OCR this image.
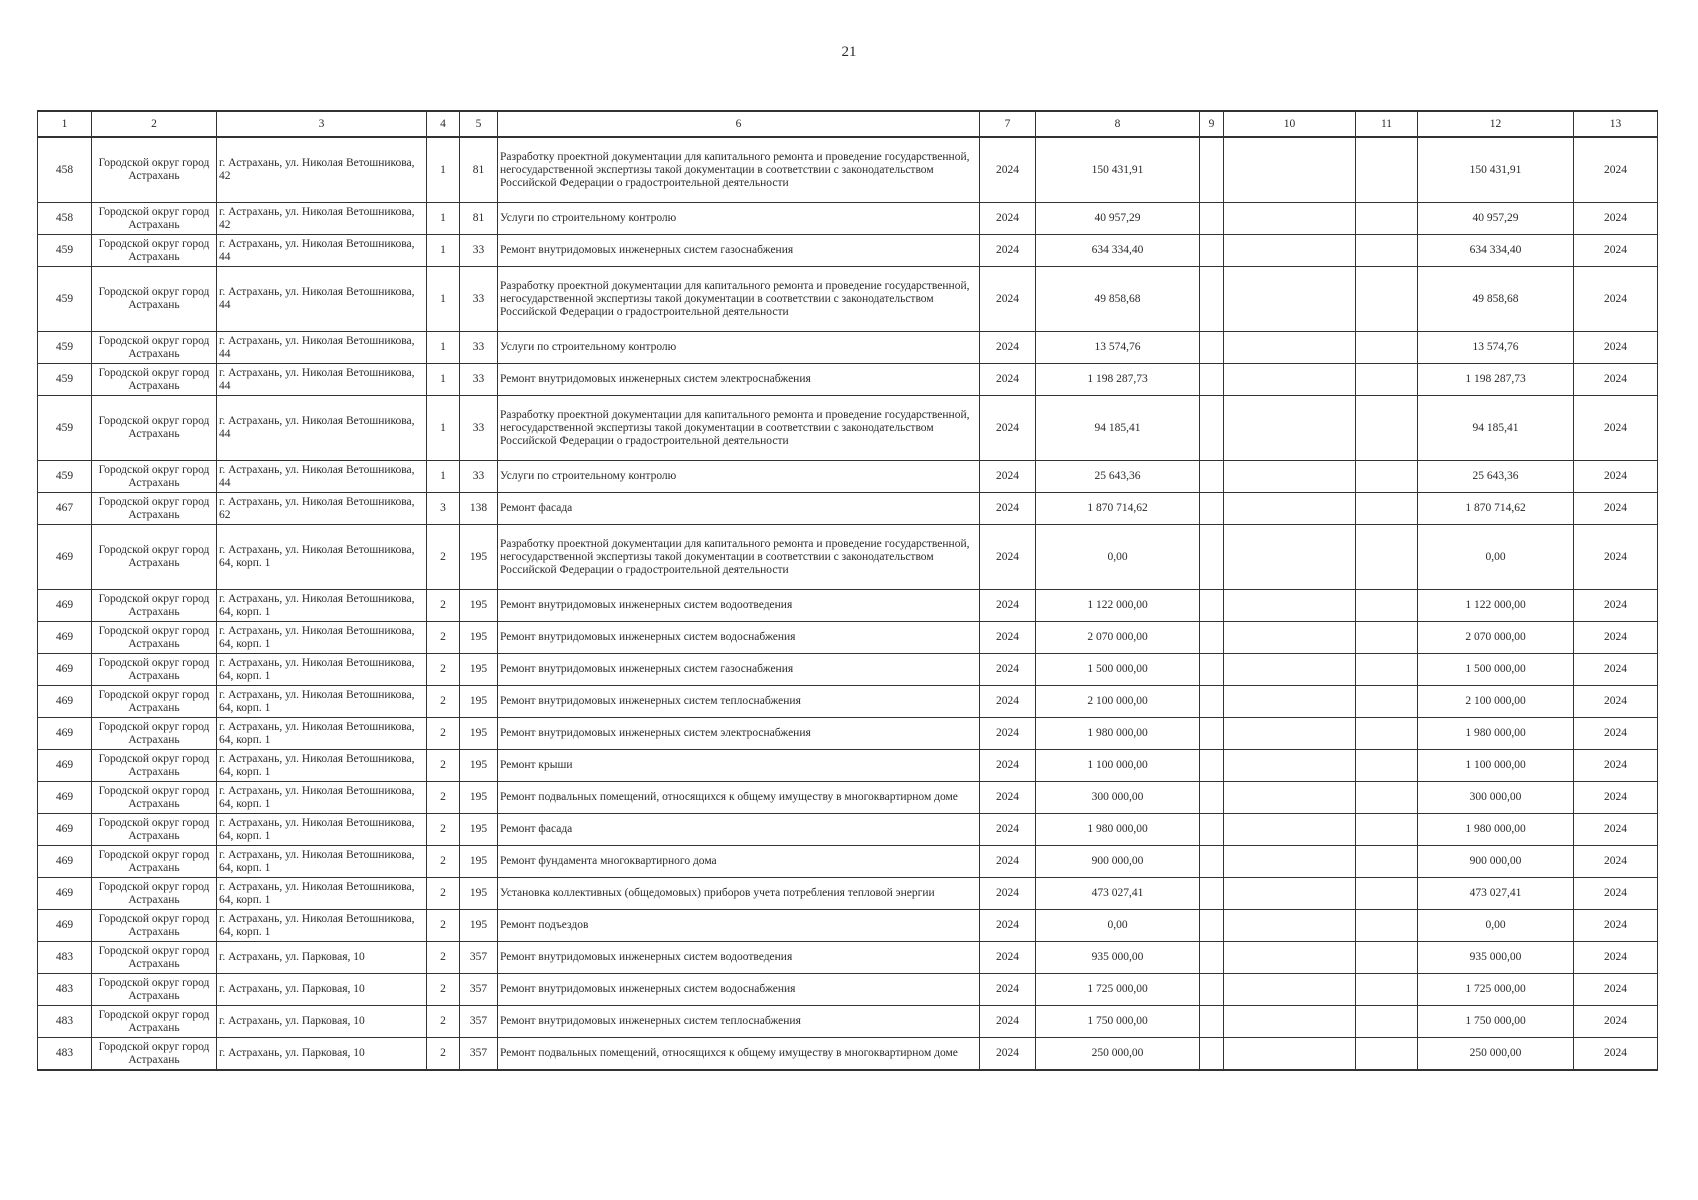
21
1	2	3	4	5	6	7	8	9	10	11	12	13
458	Городской округ город Астрахань	г. Астрахань, ул. Николая Ветошникова, 42	1	81	Разработку проектной документации для капитального ремонта и проведение государственной, негосударственной экспертизы такой документации в соответствии с законодательством Российской Федерации о градостроительной деятельности	2024	150 431,91				150 431,91	2024
458	Городской округ город Астрахань	г. Астрахань, ул. Николая Ветошникова, 42	1	81	Услуги по строительному контролю	2024	40 957,29				40 957,29	2024
459	Городской округ город Астрахань	г. Астрахань, ул. Николая Ветошникова, 44	1	33	Ремонт внутридомовых инженерных систем газоснабжения	2024	634 334,40				634 334,40	2024
459	Городской округ город Астрахань	г. Астрахань, ул. Николая Ветошникова, 44	1	33	Разработку проектной документации для капитального ремонта и проведение государственной, негосударственной экспертизы такой документации в соответствии с законодательством Российской Федерации о градостроительной деятельности	2024	49 858,68				49 858,68	2024
459	Городской округ город Астрахань	г. Астрахань, ул. Николая Ветошникова, 44	1	33	Услуги по строительному контролю	2024	13 574,76				13 574,76	2024
459	Городской округ город Астрахань	г. Астрахань, ул. Николая Ветошникова, 44	1	33	Ремонт внутридомовых инженерных систем электроснабжения	2024	1 198 287,73				1 198 287,73	2024
459	Городской округ город Астрахань	г. Астрахань, ул. Николая Ветошникова, 44	1	33	Разработку проектной документации для капитального ремонта и проведение государственной, негосударственной экспертизы такой документации в соответствии с законодательством Российской Федерации о градостроительной деятельности	2024	94 185,41				94 185,41	2024
459	Городской округ город Астрахань	г. Астрахань, ул. Николая Ветошникова, 44	1	33	Услуги по строительному контролю	2024	25 643,36				25 643,36	2024
467	Городской округ город Астрахань	г. Астрахань, ул. Николая Ветошникова, 62	3	138	Ремонт фасада	2024	1 870 714,62				1 870 714,62	2024
469	Городской округ город Астрахань	г. Астрахань, ул. Николая Ветошникова, 64, корп. 1	2	195	Разработку проектной документации для капитального ремонта и проведение государственной, негосударственной экспертизы такой документации в соответствии с законодательством Российской Федерации о градостроительной деятельности	2024	0,00				0,00	2024
469	Городской округ город Астрахань	г. Астрахань, ул. Николая Ветошникова, 64, корп. 1	2	195	Ремонт внутридомовых инженерных систем водоотведения	2024	1 122 000,00				1 122 000,00	2024
469	Городской округ город Астрахань	г. Астрахань, ул. Николая Ветошникова, 64, корп. 1	2	195	Ремонт внутридомовых инженерных систем водоснабжения	2024	2 070 000,00				2 070 000,00	2024
469	Городской округ город Астрахань	г. Астрахань, ул. Николая Ветошникова, 64, корп. 1	2	195	Ремонт внутридомовых инженерных систем газоснабжения	2024	1 500 000,00				1 500 000,00	2024
469	Городской округ город Астрахань	г. Астрахань, ул. Николая Ветошникова, 64, корп. 1	2	195	Ремонт внутридомовых инженерных систем теплоснабжения	2024	2 100 000,00				2 100 000,00	2024
469	Городской округ город Астрахань	г. Астрахань, ул. Николая Ветошникова, 64, корп. 1	2	195	Ремонт внутридомовых инженерных систем электроснабжения	2024	1 980 000,00				1 980 000,00	2024
469	Городской округ город Астрахань	г. Астрахань, ул. Николая Ветошникова, 64, корп. 1	2	195	Ремонт крыши	2024	1 100 000,00				1 100 000,00	2024
469	Городской округ город Астрахань	г. Астрахань, ул. Николая Ветошникова, 64, корп. 1	2	195	Ремонт подвальных помещений, относящихся к общему имуществу в многоквартирном доме	2024	300 000,00				300 000,00	2024
469	Городской округ город Астрахань	г. Астрахань, ул. Николая Ветошникова, 64, корп. 1	2	195	Ремонт фасада	2024	1 980 000,00				1 980 000,00	2024
469	Городской округ город Астрахань	г. Астрахань, ул. Николая Ветошникова, 64, корп. 1	2	195	Ремонт фундамента многоквартирного дома	2024	900 000,00				900 000,00	2024
469	Городской округ город Астрахань	г. Астрахань, ул. Николая Ветошникова, 64, корп. 1	2	195	Установка коллективных (общедомовых) приборов учета потребления тепловой энергии	2024	473 027,41				473 027,41	2024
469	Городской округ город Астрахань	г. Астрахань, ул. Николая Ветошникова, 64, корп. 1	2	195	Ремонт подъездов	2024	0,00				0,00	2024
483	Городской округ город Астрахань	г. Астрахань, ул. Парковая, 10	2	357	Ремонт внутридомовых инженерных систем водоотведения	2024	935 000,00				935 000,00	2024
483	Городской округ город Астрахань	г. Астрахань, ул. Парковая, 10	2	357	Ремонт внутридомовых инженерных систем водоснабжения	2024	1 725 000,00				1 725 000,00	2024
483	Городской округ город Астрахань	г. Астрахань, ул. Парковая, 10	2	357	Ремонт внутридомовых инженерных систем теплоснабжения	2024	1 750 000,00				1 750 000,00	2024
483	Городской округ город Астрахань	г. Астрахань, ул. Парковая, 10	2	357	Ремонт подвальных помещений, относящихся к общему имуществу в многоквартирном доме	2024	250 000,00				250 000,00	2024
